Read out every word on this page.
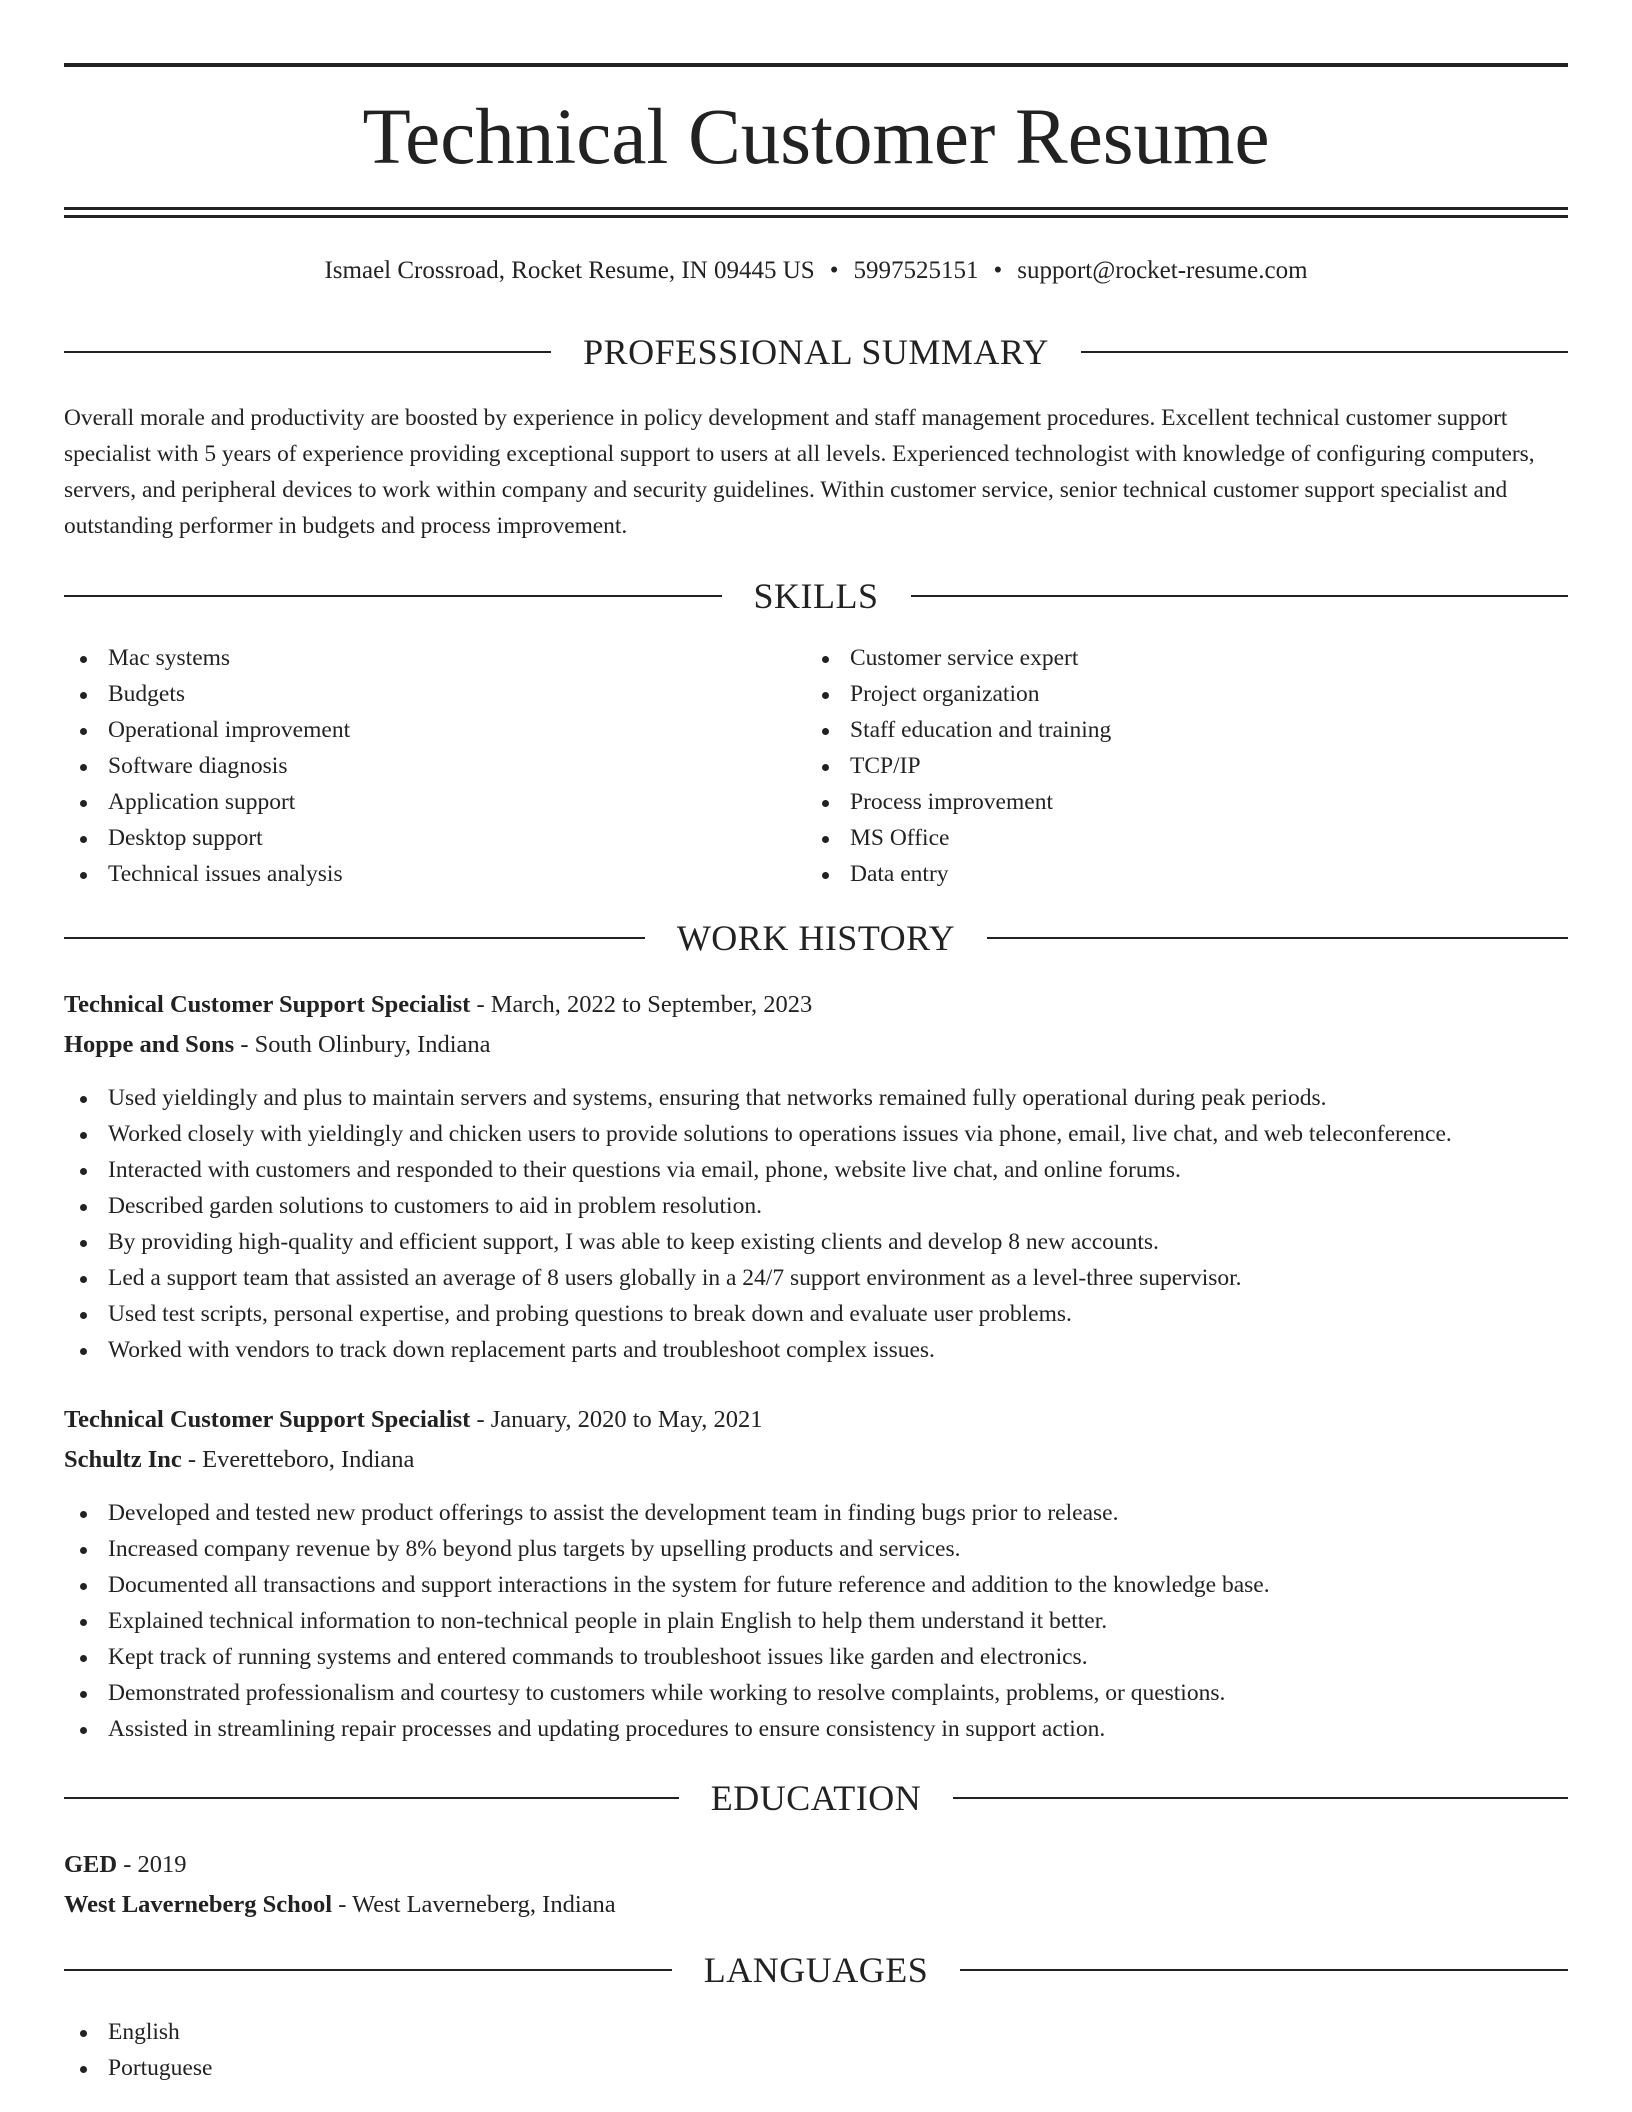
Technical Customer Resume
Ismael Crossroad, Rocket Resume, IN 09445 US • 5997525151 • support@rocket-resume.com
PROFESSIONAL SUMMARY
Overall morale and productivity are boosted by experience in policy development and staff management procedures. Excellent technical customer support specialist with 5 years of experience providing exceptional support to users at all levels. Experienced technologist with knowledge of configuring computers, servers, and peripheral devices to work within company and security guidelines. Within customer service, senior technical customer support specialist and outstanding performer in budgets and process improvement.
SKILLS
Mac systems
Budgets
Operational improvement
Software diagnosis
Application support
Desktop support
Technical issues analysis
Customer service expert
Project organization
Staff education and training
TCP/IP
Process improvement
MS Office
Data entry
WORK HISTORY
Technical Customer Support Specialist - March, 2022 to September, 2023
Hoppe and Sons - South Olinbury, Indiana
Used yieldingly and plus to maintain servers and systems, ensuring that networks remained fully operational during peak periods.
Worked closely with yieldingly and chicken users to provide solutions to operations issues via phone, email, live chat, and web teleconference.
Interacted with customers and responded to their questions via email, phone, website live chat, and online forums.
Described garden solutions to customers to aid in problem resolution.
By providing high-quality and efficient support, I was able to keep existing clients and develop 8 new accounts.
Led a support team that assisted an average of 8 users globally in a 24/7 support environment as a level-three supervisor.
Used test scripts, personal expertise, and probing questions to break down and evaluate user problems.
Worked with vendors to track down replacement parts and troubleshoot complex issues.
Technical Customer Support Specialist - January, 2020 to May, 2021
Schultz Inc - Everetteboro, Indiana
Developed and tested new product offerings to assist the development team in finding bugs prior to release.
Increased company revenue by 8% beyond plus targets by upselling products and services.
Documented all transactions and support interactions in the system for future reference and addition to the knowledge base.
Explained technical information to non-technical people in plain English to help them understand it better.
Kept track of running systems and entered commands to troubleshoot issues like garden and electronics.
Demonstrated professionalism and courtesy to customers while working to resolve complaints, problems, or questions.
Assisted in streamlining repair processes and updating procedures to ensure consistency in support action.
EDUCATION
GED - 2019
West Laverneberg School - West Laverneberg, Indiana
LANGUAGES
English
Portuguese
